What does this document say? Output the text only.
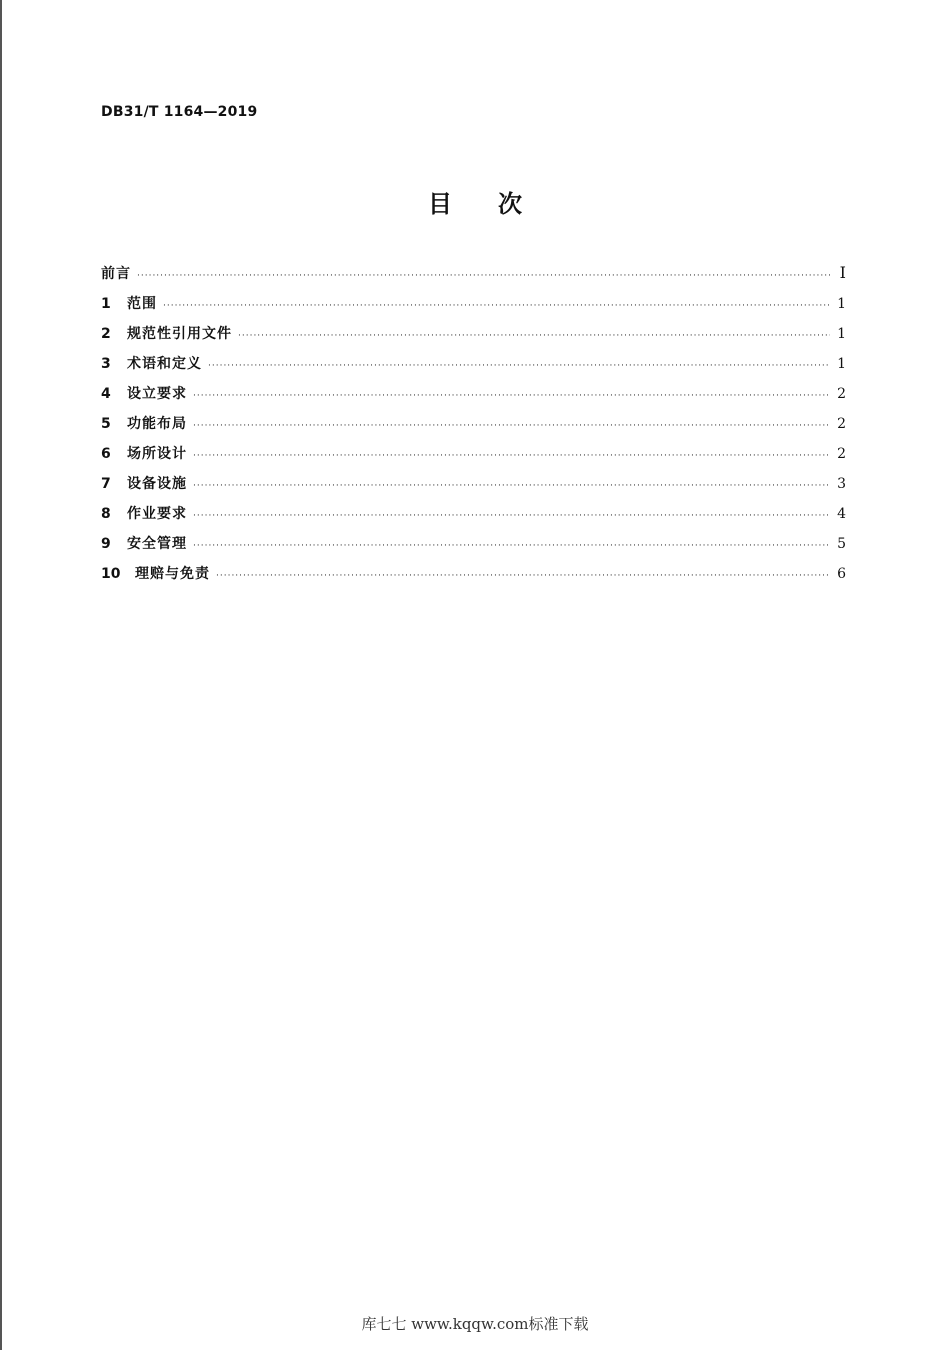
DB31/T 1164—2019
目次
前言 ·····	I
1	范围 ·····	1
2	规范性引用文件 ·····	1
3	术语和定义 ·····	1
4	设立要求 ·····	2
5	功能布局 ·····	2
6	场所设计 ·····	2
7	设备设施 ·····	3
8	作业要求 ·····	4
9	安全管理 ·····	5
10	理赔与免责 ·····	6
库七七 www.kqqw.com标准下载
